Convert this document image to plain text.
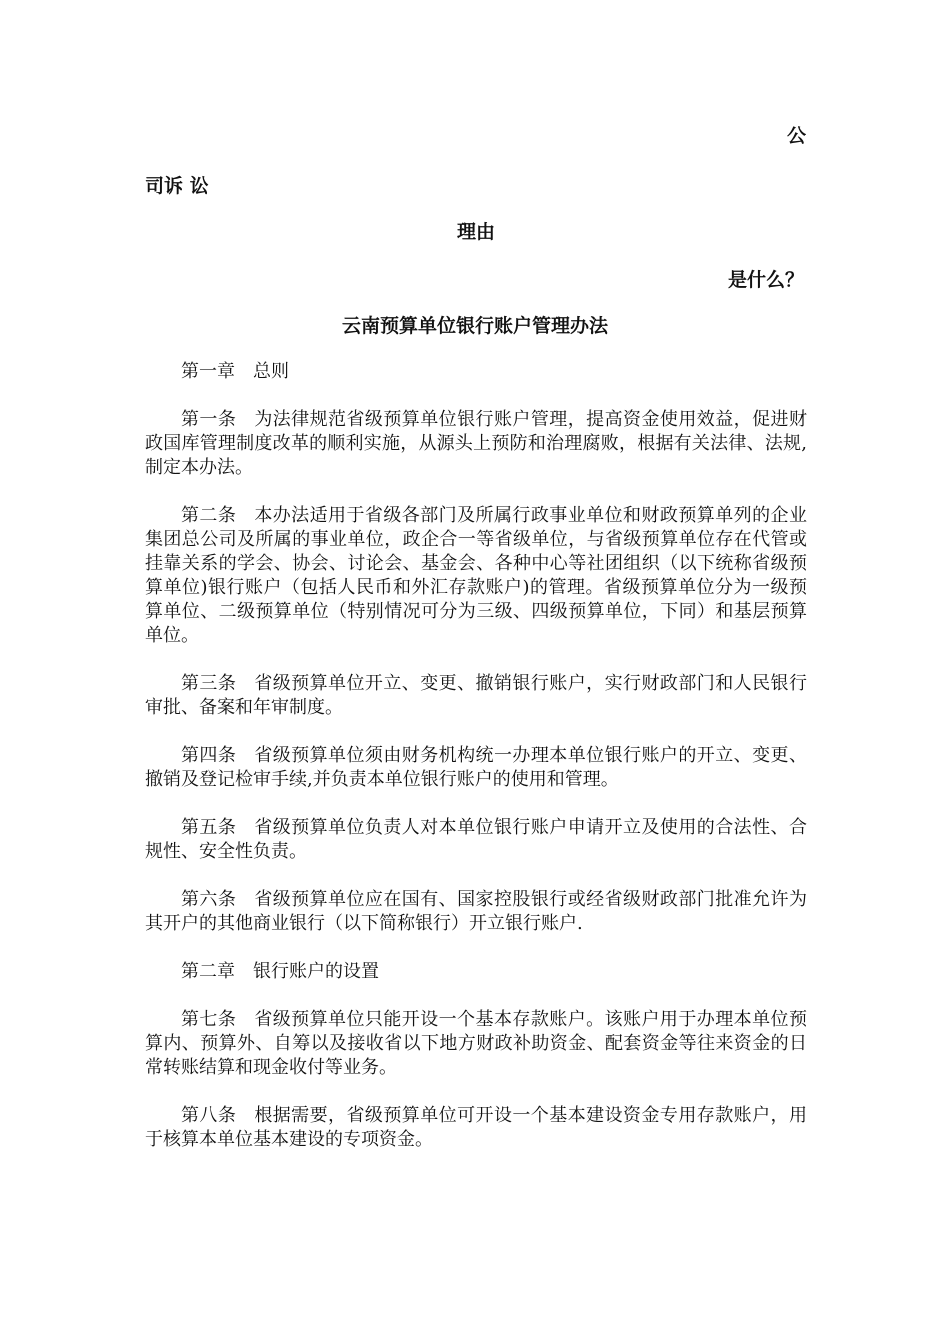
公
司诉 讼
理由
是什么？
云南预算单位银行账户管理办法

第一章 总则

第一条 为法律规范省级预算单位银行账户管理，提高资金使用效益，促进财政国库管理制度改革的顺利实施，从源头上预防和治理腐败，根据有关法律、法规,制定本办法。

第二条 本办法适用于省级各部门及所属行政事业单位和财政预算单列的企业集团总公司及所属的事业单位，政企合一等省级单位，与省级预算单位存在代管或挂靠关系的学会、协会、讨论会、基金会、各种中心等社团组织（以下统称省级预算单位)银行账户（包括人民币和外汇存款账户)的管理。省级预算单位分为一级预算单位、二级预算单位（特别情况可分为三级、四级预算单位，下同）和基层预算单位。

第三条 省级预算单位开立、变更、撤销银行账户，实行财政部门和人民银行审批、备案和年审制度。

第四条 省级预算单位须由财务机构统一办理本单位银行账户的开立、变更、撤销及登记检审手续,并负责本单位银行账户的使用和管理。

第五条 省级预算单位负责人对本单位银行账户申请开立及使用的合法性、合规性、安全性负责。

第六条 省级预算单位应在国有、国家控股银行或经省级财政部门批准允许为其开户的其他商业银行（以下简称银行）开立银行账户.

第二章 银行账户的设置

第七条 省级预算单位只能开设一个基本存款账户。该账户用于办理本单位预算内、预算外、自筹以及接收省以下地方财政补助资金、配套资金等往来资金的日常转账结算和现金收付等业务。

第八条 根据需要，省级预算单位可开设一个基本建设资金专用存款账户，用于核算本单位基本建设的专项资金。
